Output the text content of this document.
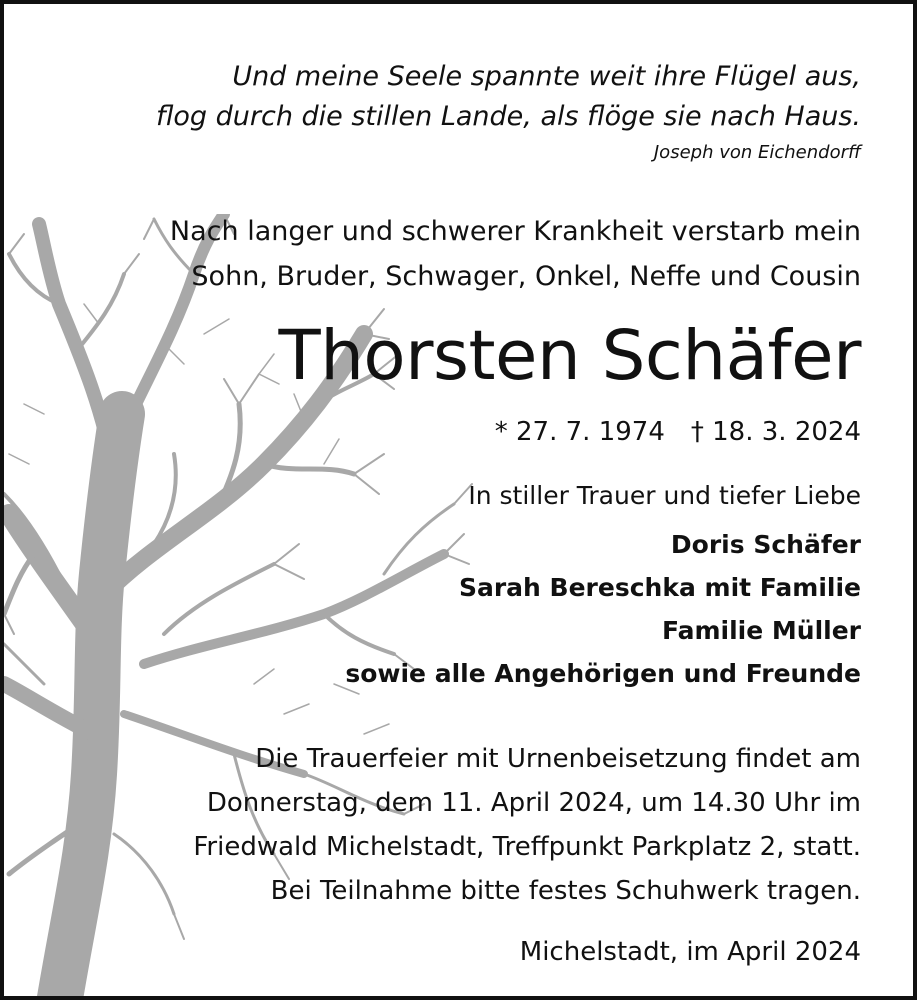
Und meine Seele spannte weit ihre Flügel aus,
flog durch die stillen Lande, als flöge sie nach Haus.
Joseph von Eichendorff
Nach langer und schwerer Krankheit verstarb mein
Sohn, Bruder, Schwager, Onkel, Neffe und Cousin
Thorsten Schäfer
* 27. 7. 1974 † 18. 3. 2024
In stiller Trauer und tiefer Liebe
Doris Schäfer
Sarah Bereschka mit Familie
Familie Müller
sowie alle Angehörigen und Freunde
Die Trauerfeier mit Urnenbeisetzung findet am
Donnerstag, dem 11. April 2024, um 14.30 Uhr im
Friedwald Michelstadt, Treffpunkt Parkplatz 2, statt.
Bei Teilnahme bitte festes Schuhwerk tragen.
Michelstadt, im April 2024
